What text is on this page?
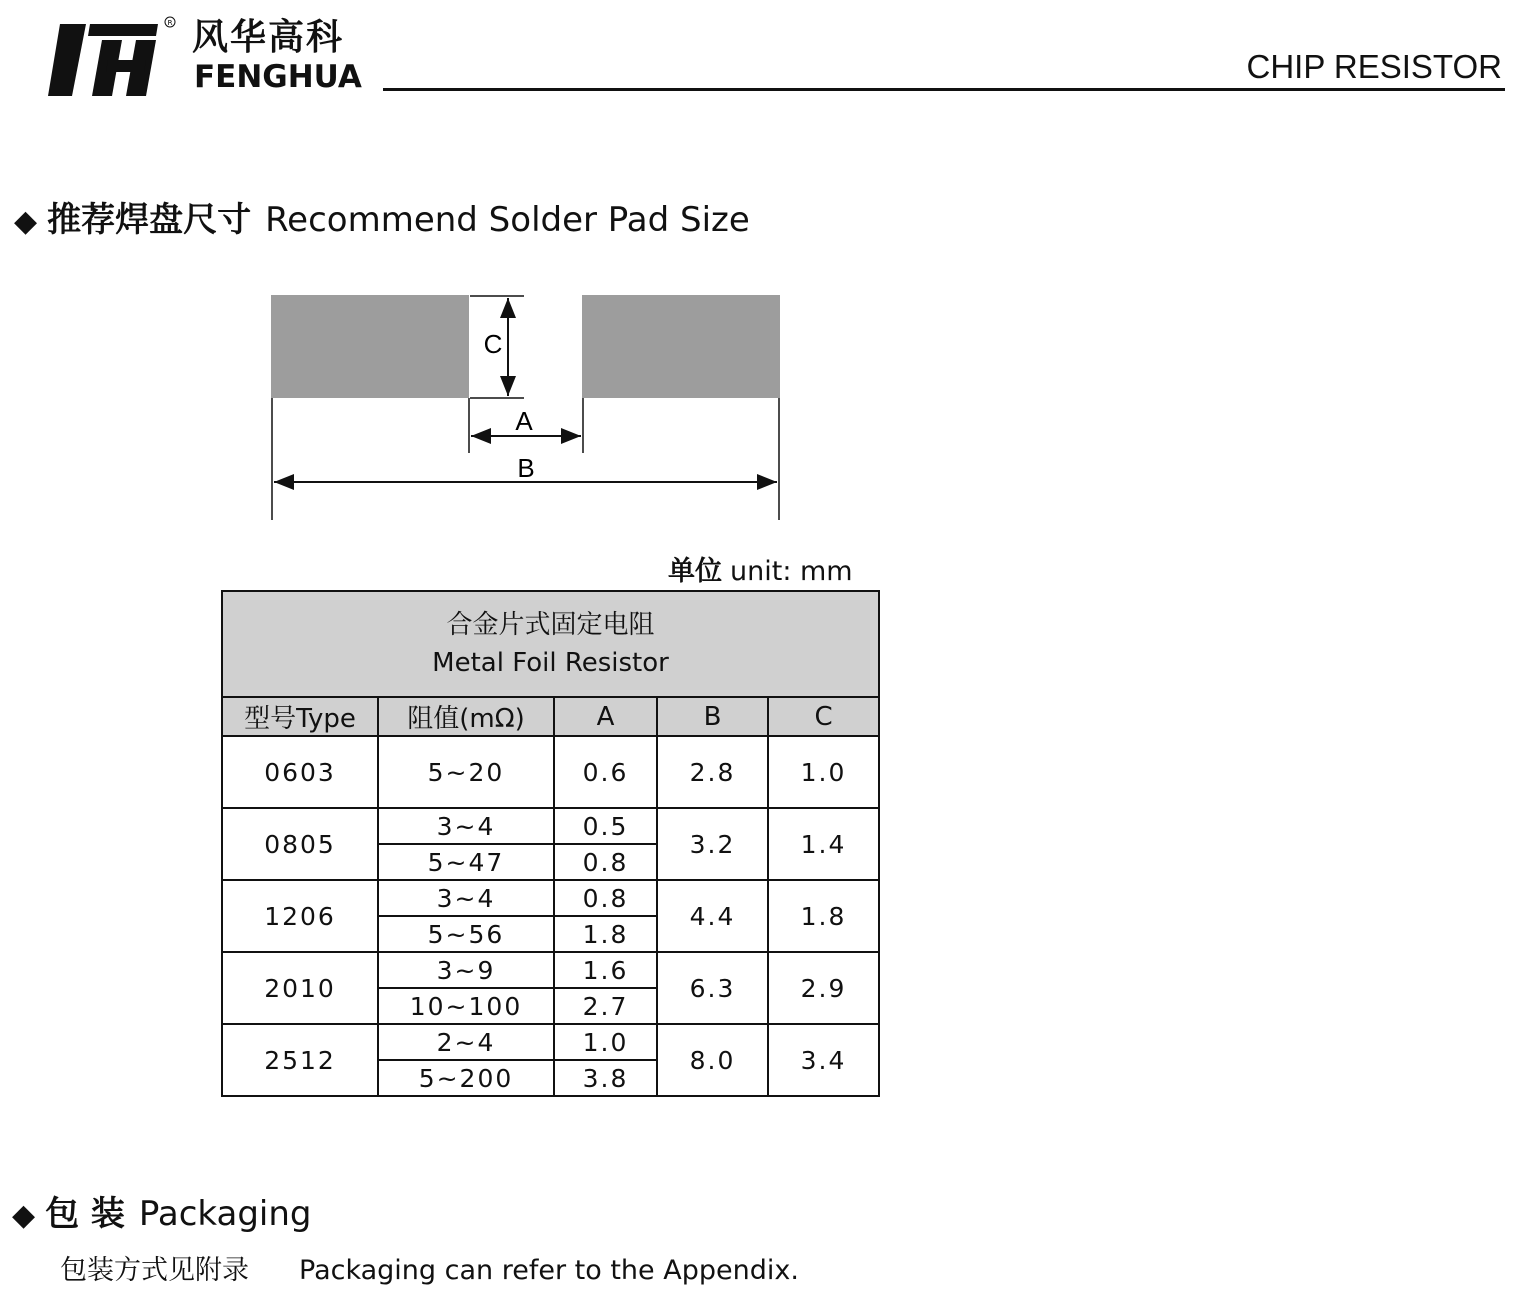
R 风华高科
FENGHUA	CHIP RESISTOR
◆ 推荐焊盘尺寸 Recommend Solder Pad Size
C
A
B
单位 unit: mm
合金片式固定电阻
Metal Foil Resistor				

型号Type	阻值(mΩ)	A	B	C
0603	5~20	0.6	2.8	1.0
0805	3~4	0.5	3.2	1.4
	5~47	0.8		
1206	3~4	0.8	4.4	1.8
	5~56	1.8		
2010	3~9	1.6	6.3	2.9
	10~100	2.7		
2512	2~4	1.0	8.0	3.4
	5~200	3.8		
◆ 包 装 Packaging
包装方式见附录 Packaging can refer to the Appendix.
